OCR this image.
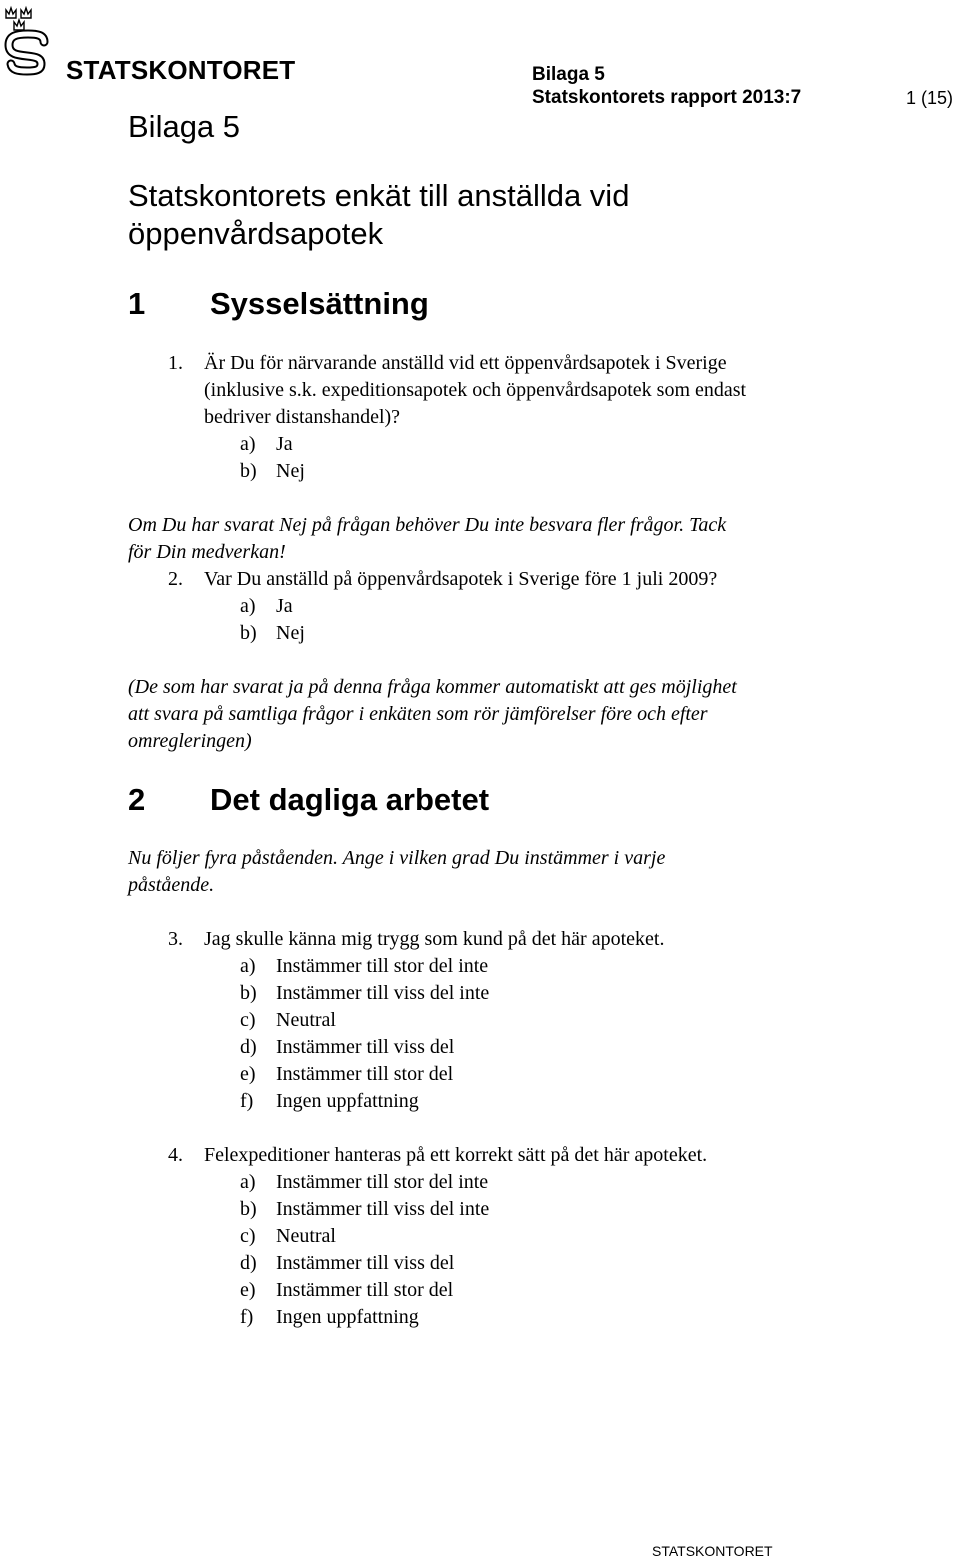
STATSKONTORET	Bilaga 5
Statskontorets rapport 2013:7	1 (15)
Bilaga 5
Statskontorets enkät till anställda vid öppenvårdsapotek
1 Sysselsättning
1. Är Du för närvarande anställd vid ett öppenvårdsapotek i Sverige
(inklusive s.k. expeditionsapotek och öppenvårdsapotek som endast
bedriver distanshandel)?
a) Ja
b) Nej
Om Du har svarat Nej på frågan behöver Du inte besvara fler frågor. Tack
för Din medverkan!
2. Var Du anställd på öppenvårdsapotek i Sverige före 1 juli 2009?
a) Ja
b) Nej
(De som har svarat ja på denna fråga kommer automatiskt att ges möjlighet
att svara på samtliga frågor i enkäten som rör jämförelser före och efter
omregleringen)
2 Det dagliga arbetet
Nu följer fyra påståenden. Ange i vilken grad Du instämmer i varje
påstående.
3. Jag skulle känna mig trygg som kund på det här apoteket.
a) Instämmer till stor del inte
b) Instämmer till viss del inte
c) Neutral
d) Instämmer till viss del
e) Instämmer till stor del
f) Ingen uppfattning
4. Felexpeditioner hanteras på ett korrekt sätt på det här apoteket.
a) Instämmer till stor del inte
b) Instämmer till viss del inte
c) Neutral
d) Instämmer till viss del
e) Instämmer till stor del
f) Ingen uppfattning
STATSKONTORET
